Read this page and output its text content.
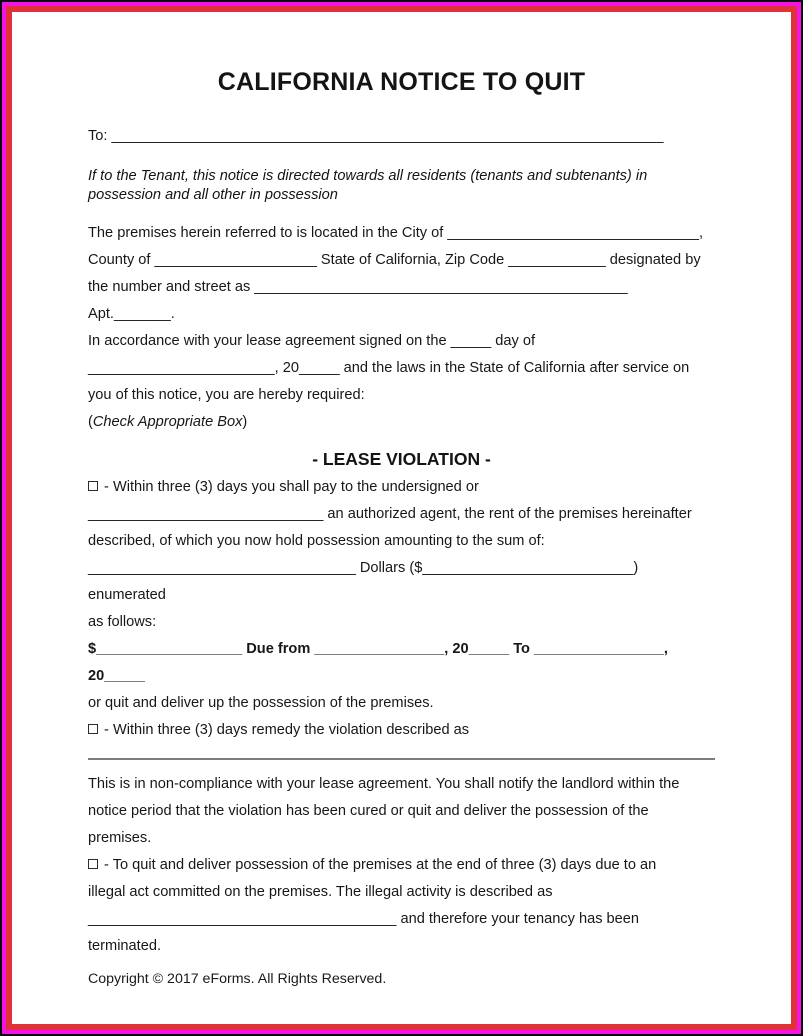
CALIFORNIA NOTICE TO QUIT
To: ____________________________________________________________________
If to the Tenant, this notice is directed towards all residents (tenants and subtenants) in possession and all other in possession
The premises herein referred to is located in the City of _______________________________,
County of ____________________ State of California, Zip Code ____________ designated by
the number and street as ______________________________________________
Apt._______.
In accordance with your lease agreement signed on the _____ day of
_______________________, 20_____ and the laws in the State of California after service on
you of this notice, you are hereby required:
(Check Appropriate Box)
- LEASE VIOLATION -
- Within three (3) days you shall pay to the undersigned or
_____________________________ an authorized agent, the rent of the premises hereinafter
described, of which you now hold possession amounting to the sum of:
_________________________________ Dollars ($__________________________) enumerated
as follows:
$__________________ Due from ________________, 20_____ To ________________, 20_____
or quit and deliver up the possession of the premises.
- Within three (3) days remedy the violation described as
This is in non-compliance with your lease agreement. You shall notify the landlord within the notice period that the violation has been cured or quit and deliver the possession of the premises.
- To quit and deliver possession of the premises at the end of three (3) days due to an
illegal act committed on the premises. The illegal activity is described as
______________________________________ and therefore your tenancy has been
terminated.
Copyright © 2017 eForms. All Rights Reserved.
